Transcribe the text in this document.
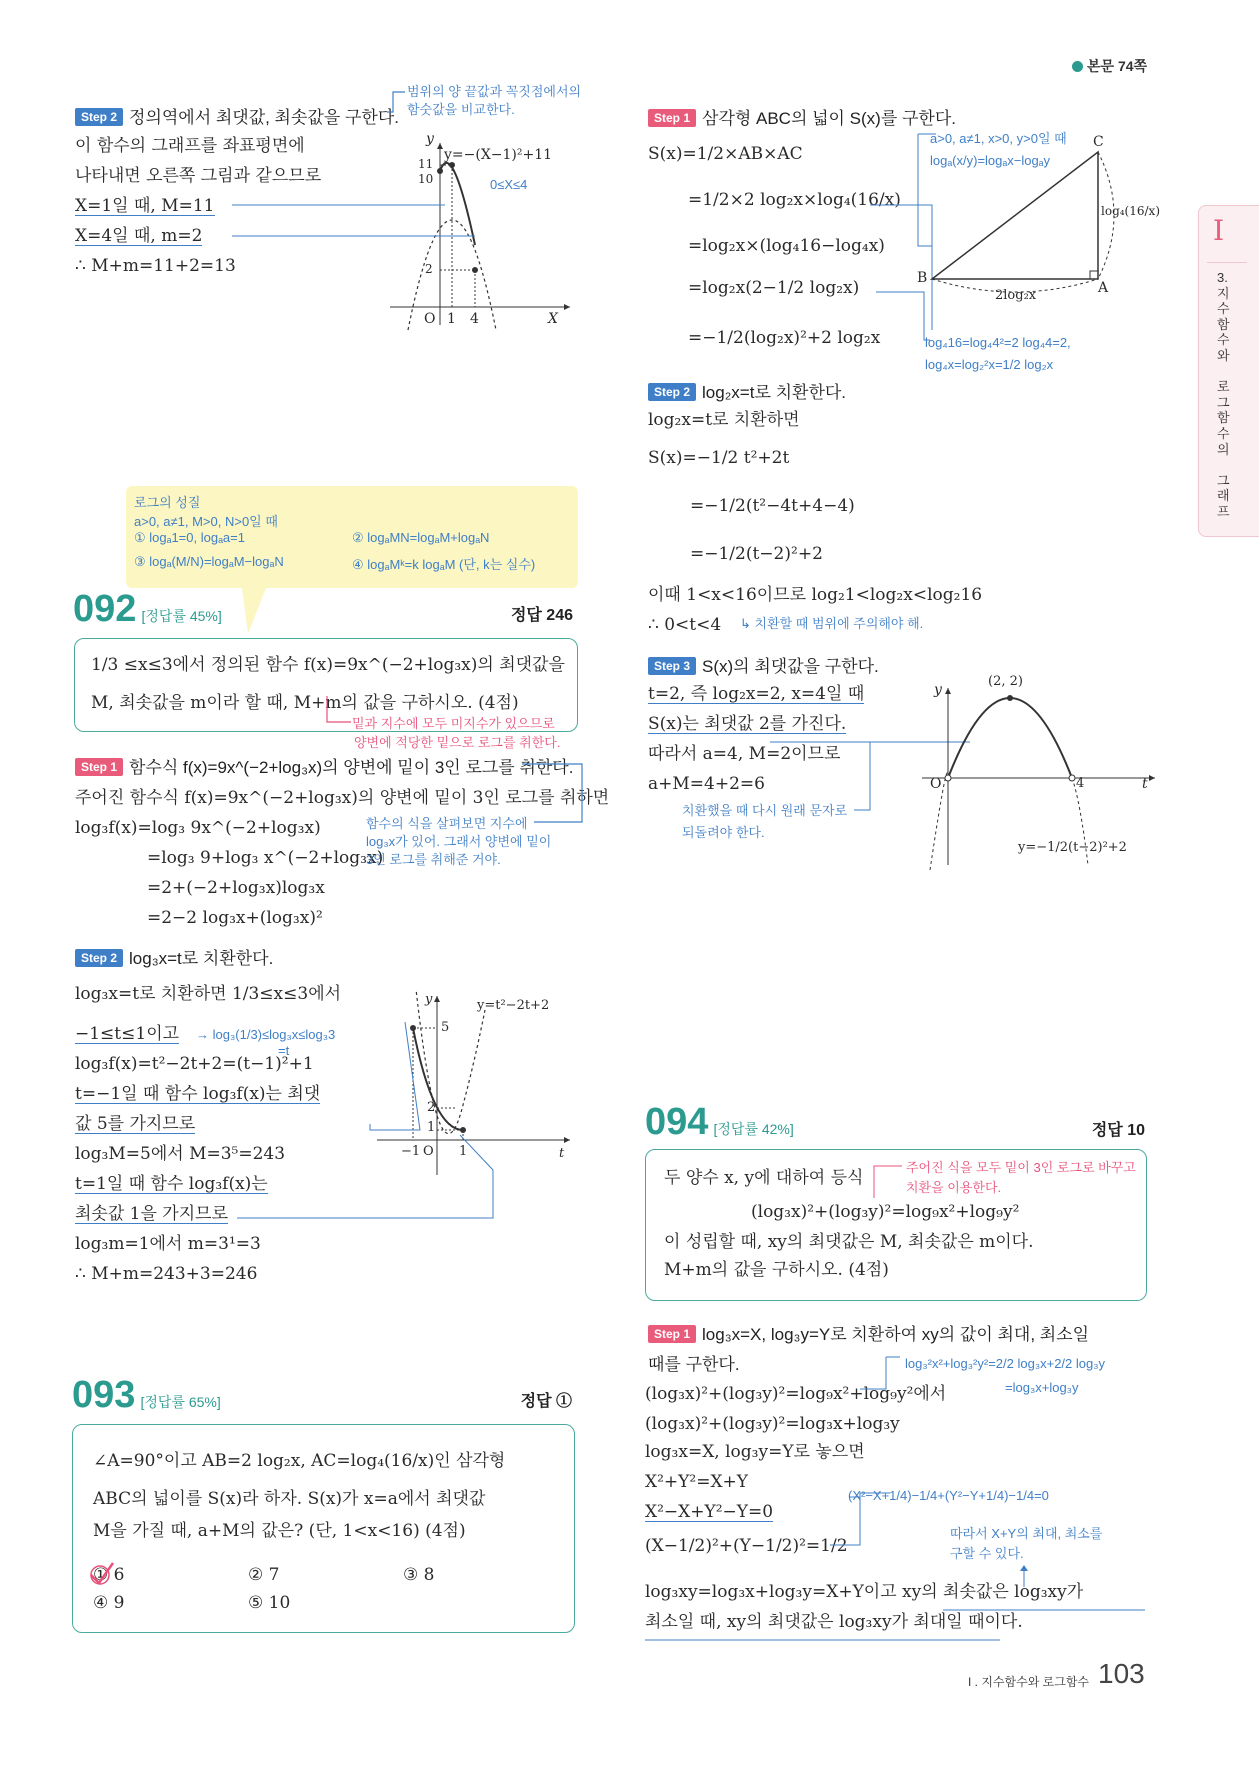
본문 74쪽
I
3.
지
수
함
수
와

로
그
함
수
의

그
래
프
Step 2 정의역에서 최댓값, 최솟값을 구한다.
범위의 양 끝값과 꼭짓점에서의
함숫값을 비교한다.
이 함수의 그래프를 좌표평면에
나타내면 오른쪽 그림과 같으므로
X=1일 때, M=11
X=4일 때, m=2
∴ M+m=11+2=13
y
11
10
2
O 1 4	X
y=−(X−1)²+11
0≤X≤4
로그의 성질
a>0, a≠1, M>0, N>0일 때
① logₐ1=0, logₐa=1	② logₐMN=logₐM+logₐN
③ logₐ(M/N)=logₐM−logₐN	④ logₐMᵏ=k logₐM (단, k는 실수)
092 [정답률 45%]	정답 246
1/3 ≤x≤3에서 정의된 함수 f(x)=9x^(−2+log₃x)의 최댓값을
M, 최솟값을 m이라 할 때, M+m의 값을 구하시오. (4점)
밑과 지수에 모두 미지수가 있으므로
양변에 적당한 밑으로 로그를 취한다.
Step 1 함수식 f(x)=9x^(−2+log₃x)의 양변에 밑이 3인 로그를 취한다.
주어진 함수식 f(x)=9x^(−2+log₃x)의 양변에 밑이 3인 로그를 취하면
log₃f(x)=log₃ 9x^(−2+log₃x)
=log₃ 9+log₃ x^(−2+log₃x)
=2+(−2+log₃x)log₃x
=2−2 log₃x+(log₃x)²
함수의 식을 살펴보면 지수에
log₃x가 있어. 그래서 양변에 밑이
3인 로그를 취해준 거야.
Step 2 log₃x=t로 치환한다.
log₃x=t로 치환하면 1/3≤x≤3에서
−1≤t≤1이고
log₃f(x)=t²−2t+2=(t−1)²+1
t=−1일 때 함수 log₃f(x)는 최댓
값 5를 가지므로
log₃M=5에서 M=3⁵=243
t=1일 때 함수 log₃f(x)는
최솟값 1을 가지므로
log₃m=1에서 m=3¹=3
∴ M+m=243+3=246
→ log₃(1/3)≤log₃x≤log₃3
=t
y
5
2
1
−1 O 1	t
y=t²−2t+2
093 [정답률 65%]	정답 ①
∠A=90°이고 AB=2 log₂x, AC=log₄(16/x)인 삼각형
ABC의 넓이를 S(x)라 하자. S(x)가 x=a에서 최댓값
M을 가질 때, a+M의 값은? (단, 1<x<16) (4점)
① 6	② 7	③ 8
④ 9	⑤ 10
Step 1 삼각형 ABC의 넓이 S(x)를 구한다.
S(x)=1/2×AB×AC
=1/2×2 log₂x×log₄(16/x)
=log₂x×(log₄16−log₄x)
=log₂x(2−1/2 log₂x)
=−1/2(log₂x)²+2 log₂x
a>0, a≠1, x>0, y>0일 때
logₐ(x/y)=logₐx−logₐy
log₄16=log₄4²=2 log₄4=2,
log₄x=log₂²x=1/2 log₂x
C
B
A
2log₂x
log₄(16/x)
Step 2 log₂x=t로 치환한다.
log₂x=t로 치환하면
S(x)=−1/2 t²+2t
=−1/2(t²−4t+4−4)
=−1/2(t−2)²+2
이때 1<x<16이므로 log₂1<log₂x<log₂16
∴ 0<t<4 ↳ 치환할 때 범위에 주의해야 해.
Step 3 S(x)의 최댓값을 구한다.
t=2, 즉 log₂x=2, x=4일 때
S(x)는 최댓값 2를 가진다.
따라서 a=4, M=2이므로
a+M=4+2=6
치환했을 때 다시 원래 문자로
되돌려야 한다.
y
(2, 2)
O	4	t
y=−1/2(t−2)²+2
094 [정답률 42%]	정답 10
두 양수 x, y에 대하여 등식
(log₃x)²+(log₃y)²=log₉x²+log₉y²
이 성립할 때, xy의 최댓값은 M, 최솟값은 m이다.
M+m의 값을 구하시오. (4점)
주어진 식을 모두 밑이 3인 로그로 바꾸고
치환을 이용한다.
Step 1 log₃x=X, log₃y=Y로 치환하여 xy의 값이 최대, 최소일
때를 구한다.
(log₃x)²+(log₃y)²=log₉x²+log₉y²에서
(log₃x)²+(log₃y)²=log₃x+log₃y
log₃x=X, log₃y=Y로 놓으면
X²+Y²=X+Y
X²−X+Y²−Y=0
(X−1/2)²+(Y−1/2)²=1/2
log₃xy=log₃x+log₃y=X+Y이고 xy의 최솟값은 log₃xy가
최소일 때, xy의 최댓값은 log₃xy가 최대일 때이다.
log₃²x²+log₃²y²=2/2 log₃x+2/2 log₃y
=log₃x+log₃y
(X²−X+1/4)−1/4+(Y²−Y+1/4)−1/4=0
따라서 X+Y의 최대, 최소를
구할 수 있다.
I . 지수함수와 로그함수 103
